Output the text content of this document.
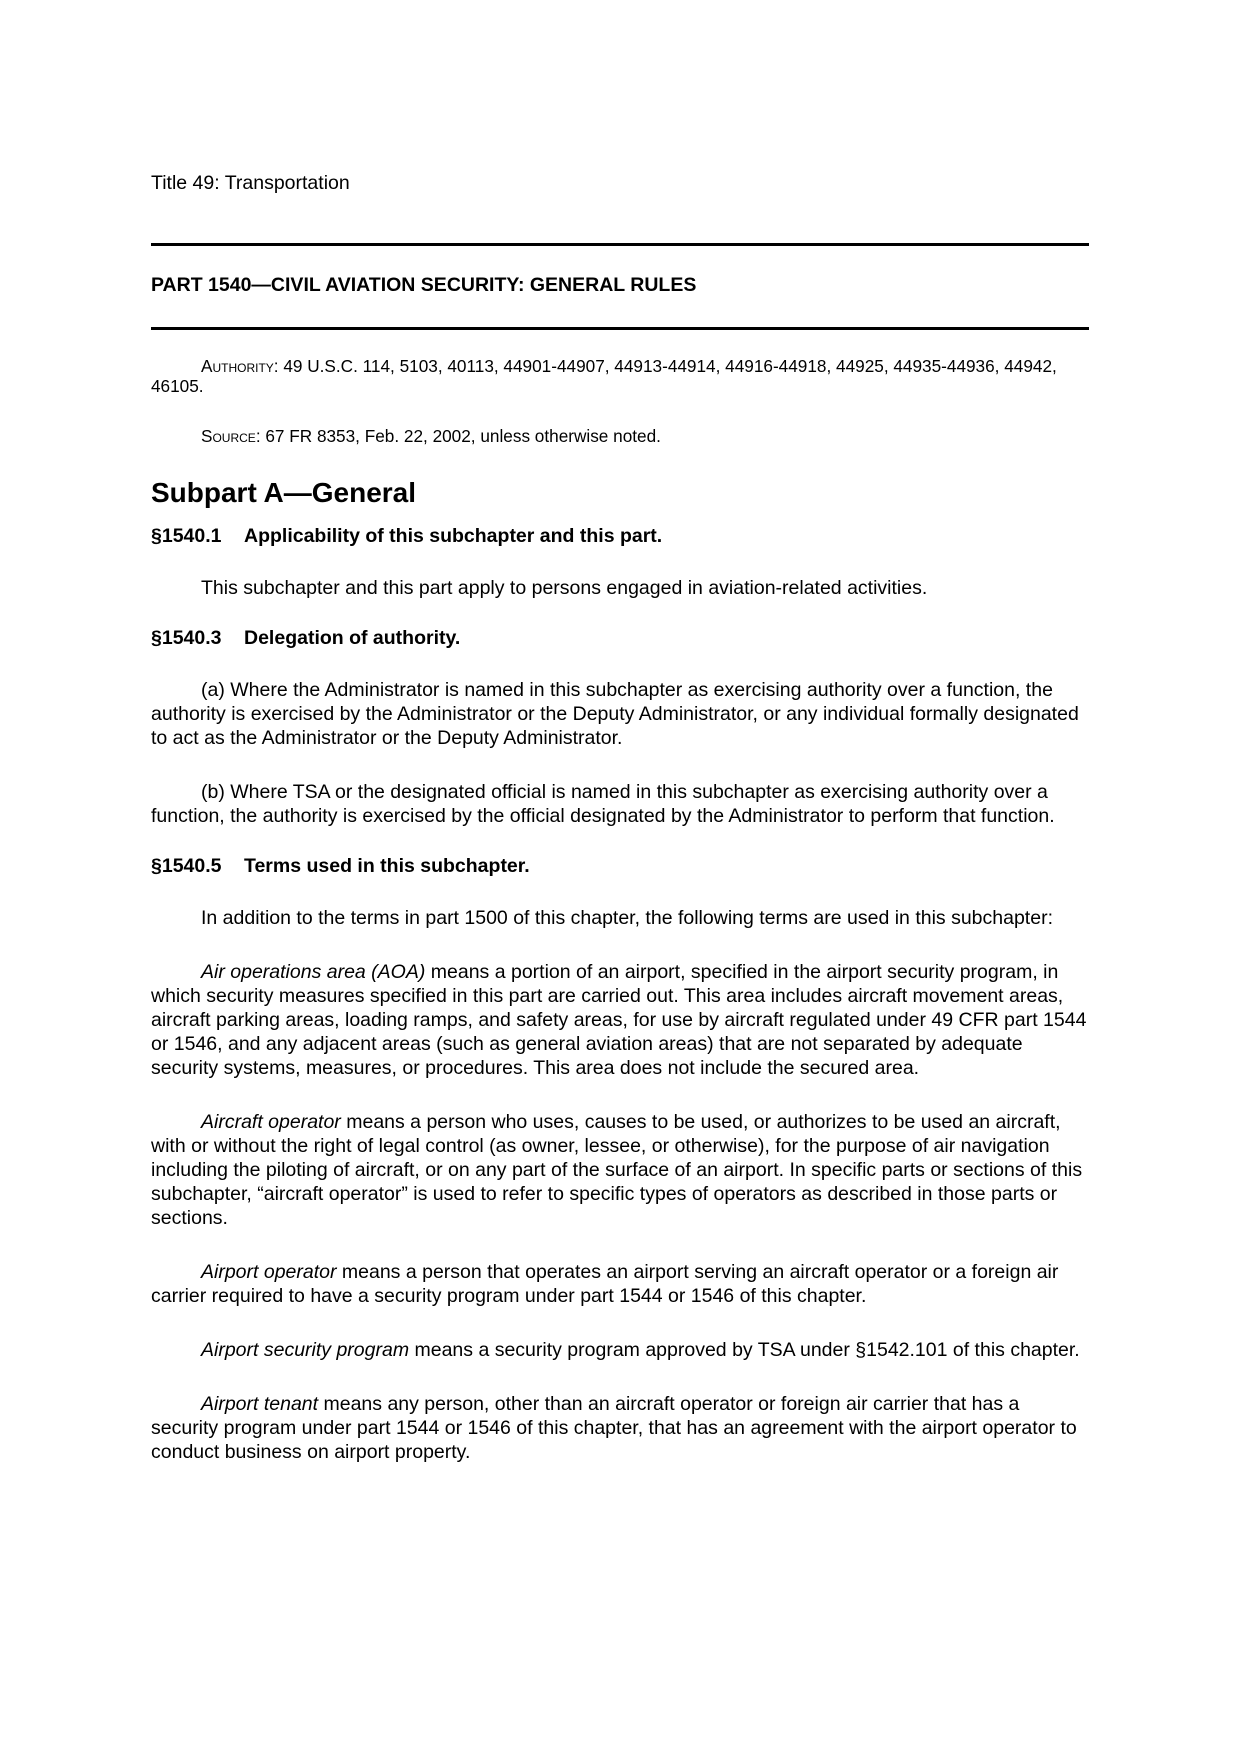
Title 49: Transportation

PART 1540—CIVIL AVIATION SECURITY: GENERAL RULES

Authority: 49 U.S.C. 114, 5103, 40113, 44901-44907, 44913-44914, 44916-44918, 44925, 44935-44936, 44942, 46105.

Source: 67 FR 8353, Feb. 22, 2002, unless otherwise noted.

Subpart A—General
§1540.1 Applicability of this subchapter and this part.

This subchapter and this part apply to persons engaged in aviation-related activities.

§1540.3 Delegation of authority.

(a) Where the Administrator is named in this subchapter as exercising authority over a function, the authority is exercised by the Administrator or the Deputy Administrator, or any individual formally designated to act as the Administrator or the Deputy Administrator.

(b) Where TSA or the designated official is named in this subchapter as exercising authority over a function, the authority is exercised by the official designated by the Administrator to perform that function.

§1540.5 Terms used in this subchapter.

In addition to the terms in part 1500 of this chapter, the following terms are used in this subchapter:

Air operations area (AOA) means a portion of an airport, specified in the airport security program, in which security measures specified in this part are carried out. This area includes aircraft movement areas, aircraft parking areas, loading ramps, and safety areas, for use by aircraft regulated under 49 CFR part 1544 or 1546, and any adjacent areas (such as general aviation areas) that are not separated by adequate security systems, measures, or procedures. This area does not include the secured area.

Aircraft operator means a person who uses, causes to be used, or authorizes to be used an aircraft, with or without the right of legal control (as owner, lessee, or otherwise), for the purpose of air navigation including the piloting of aircraft, or on any part of the surface of an airport. In specific parts or sections of this subchapter, “aircraft operator” is used to refer to specific types of operators as described in those parts or sections.

Airport operator means a person that operates an airport serving an aircraft operator or a foreign air carrier required to have a security program under part 1544 or 1546 of this chapter.

Airport security program means a security program approved by TSA under §1542.101 of this chapter.

Airport tenant means any person, other than an aircraft operator or foreign air carrier that has a security program under part 1544 or 1546 of this chapter, that has an agreement with the airport operator to conduct business on airport property.
